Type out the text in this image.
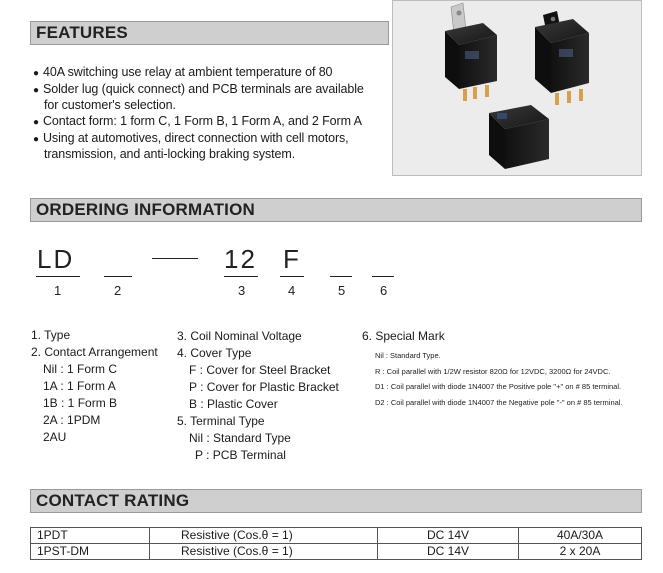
FEATURES
● 40A switching use relay at ambient temperature of 80
● Solder lug (quick connect) and PCB terminals are available
for customer's selection.
● Contact form: 1 form C, 1 Form B, 1 Form A, and 2 Form A
● Using at automotives, direct connection with cell motors,
transmission, and anti-locking braking system.
ORDERING INFORMATION
LD	12 F
1	2	3	4	5	6
1. Type
2. Contact Arrangement
Nil : 1 Form C
1A : 1 Form A
1B : 1 Form B
2A : 1PDM
2AU
3. Coil Nominal Voltage
4. Cover Type
F : Cover for Steel Bracket
P : Cover for Plastic Bracket
B : Plastic Cover
5. Terminal Type
Nil : Standard Type
P : PCB Terminal
6. Special Mark
Nil : Standard Type.
R : Coil parallel with 1/2W resistor 820Ω for 12VDC, 3200Ω for 24VDC.
D1 : Coil parallel with diode 1N4007 the Positive pole "+" on # 85 terminal.
D2 : Coil parallel with diode 1N4007 the Negative pole "-" on # 85 terminal.
CONTACT RATING
1PDT	Resistive (Cos.θ = 1)	DC 14V	40A/30A
1PST-DM	Resistive (Cos.θ = 1)	DC 14V	2 x 20A
